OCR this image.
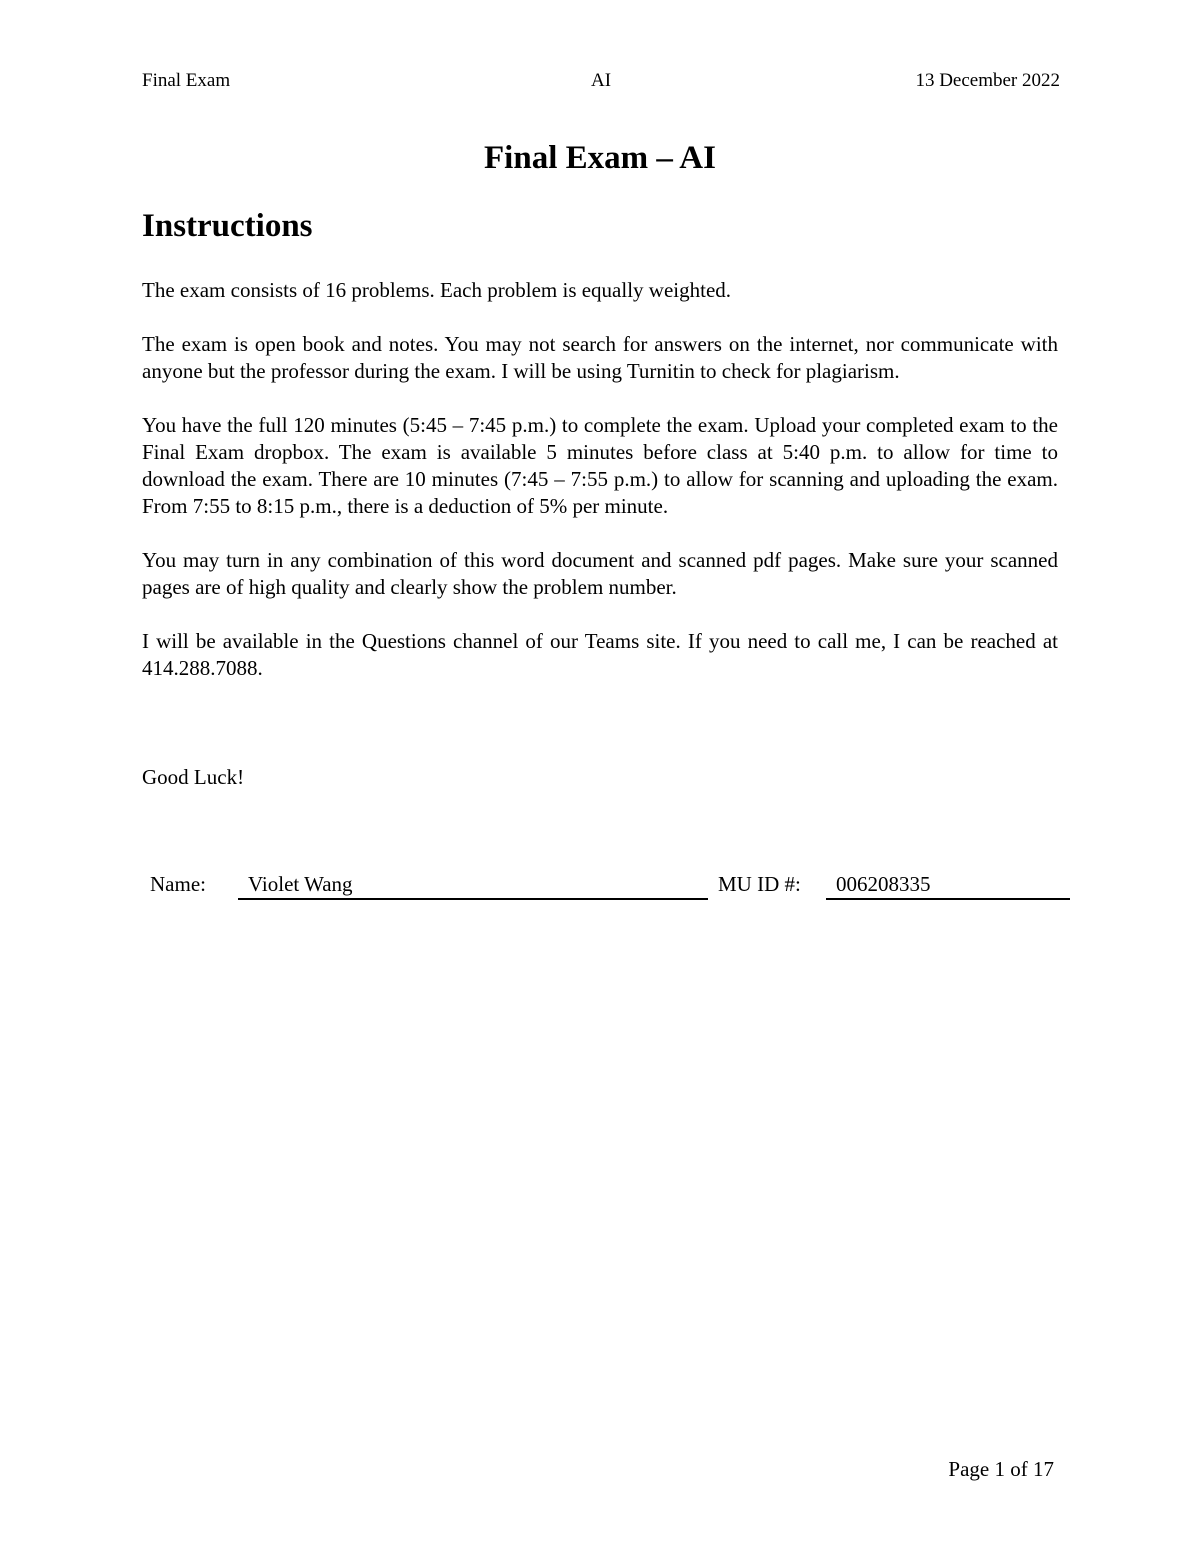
Final Exam	AI	13 December 2022
Final Exam – AI
Instructions

The exam consists of 16 problems. Each problem is equally weighted.

The exam is open book and notes. You may not search for answers on the internet, nor communicate with anyone but the professor during the exam. I will be using Turnitin to check for plagiarism.

You have the full 120 minutes (5:45 – 7:45 p.m.) to complete the exam. Upload your completed exam to the Final Exam dropbox. The exam is available 5 minutes before class at 5:40 p.m. to allow for time to download the exam. There are 10 minutes (7:45 – 7:55 p.m.) to allow for scanning and uploading the exam. From 7:55 to 8:15 p.m., there is a deduction of 5% per minute.

You may turn in any combination of this word document and scanned pdf pages. Make sure your scanned pages are of high quality and clearly show the problem number.

I will be available in the Questions channel of our Teams site. If you need to call me, I can be reached at 414.288.7088.

Good Luck!
Name:	Violet Wang	MU ID #:	006208335
Page 1 of 17
